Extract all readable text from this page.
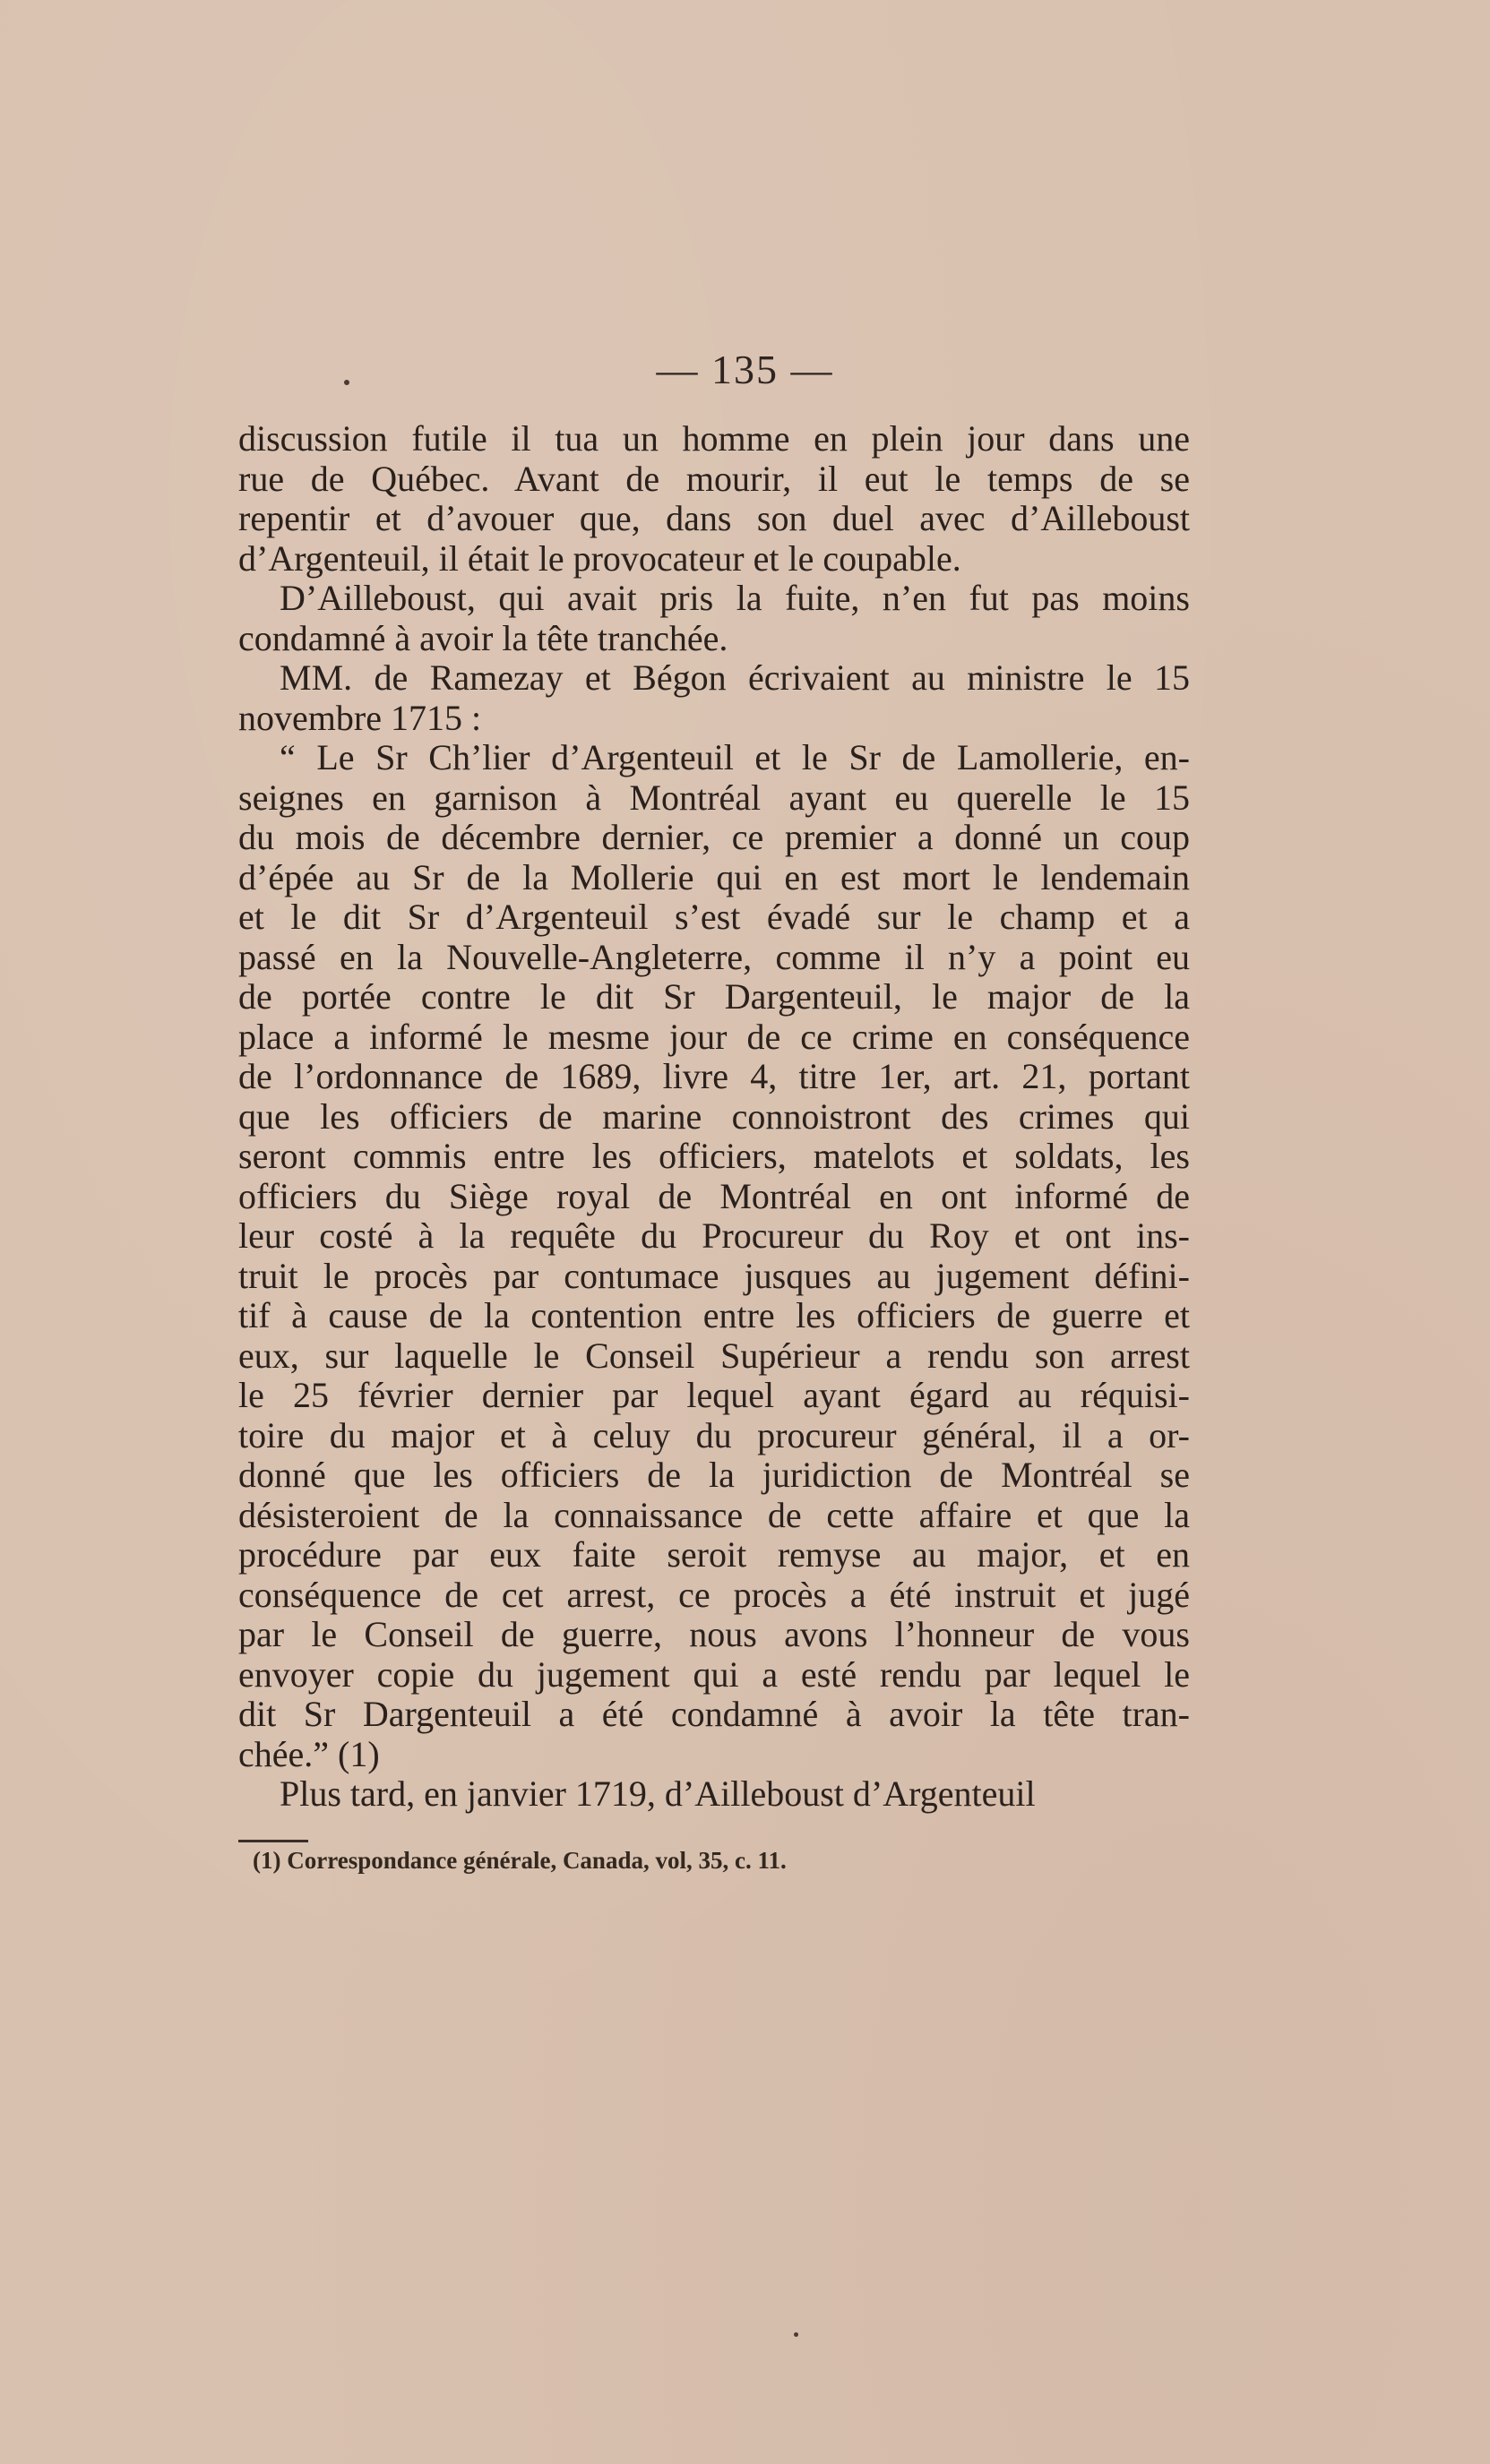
— 135 —
discussion futile il tua un homme en plein jour dans une
rue de Québec. Avant de mourir, il eut le temps de se
repentir et d’avouer que, dans son duel avec d’Ailleboust
d’Argenteuil, il était le provocateur et le coupable.
D’Ailleboust, qui avait pris la fuite, n’en fut pas moins
condamné à avoir la tête tranchée.
MM. de Ramezay et Bégon écrivaient au ministre le 15
novembre 1715 :
“ Le Sr Ch’lier d’Argenteuil et le Sr de Lamollerie, en-
seignes en garnison à Montréal ayant eu querelle le 15
du mois de décembre dernier, ce premier a donné un coup
d’épée au Sr de la Mollerie qui en est mort le lendemain
et le dit Sr d’Argenteuil s’est évadé sur le champ et a
passé en la Nouvelle-Angleterre, comme il n’y a point eu
de portée contre le dit Sr Dargenteuil, le major de la
place a informé le mesme jour de ce crime en conséquence
de l’ordonnance de 1689, livre 4, titre 1er, art. 21, portant
que les officiers de marine connoistront des crimes qui
seront commis entre les officiers, matelots et soldats, les
officiers du Siège royal de Montréal en ont informé de
leur costé à la requête du Procureur du Roy et ont ins-
truit le procès par contumace jusques au jugement défini-
tif à cause de la contention entre les officiers de guerre et
eux, sur laquelle le Conseil Supérieur a rendu son arrest
le 25 février dernier par lequel ayant égard au réquisi-
toire du major et à celuy du procureur général, il a or-
donné que les officiers de la juridiction de Montréal se
désisteroient de la connaissance de cette affaire et que la
procédure par eux faite seroit remyse au major, et en
conséquence de cet arrest, ce procès a été instruit et jugé
par le Conseil de guerre, nous avons l’honneur de vous
envoyer copie du jugement qui a esté rendu par lequel le
dit Sr Dargenteuil a été condamné à avoir la tête tran-
chée.” (1)
Plus tard, en janvier 1719, d’Ailleboust d’Argenteuil
(1) Correspondance générale, Canada, vol, 35, c. 11.
